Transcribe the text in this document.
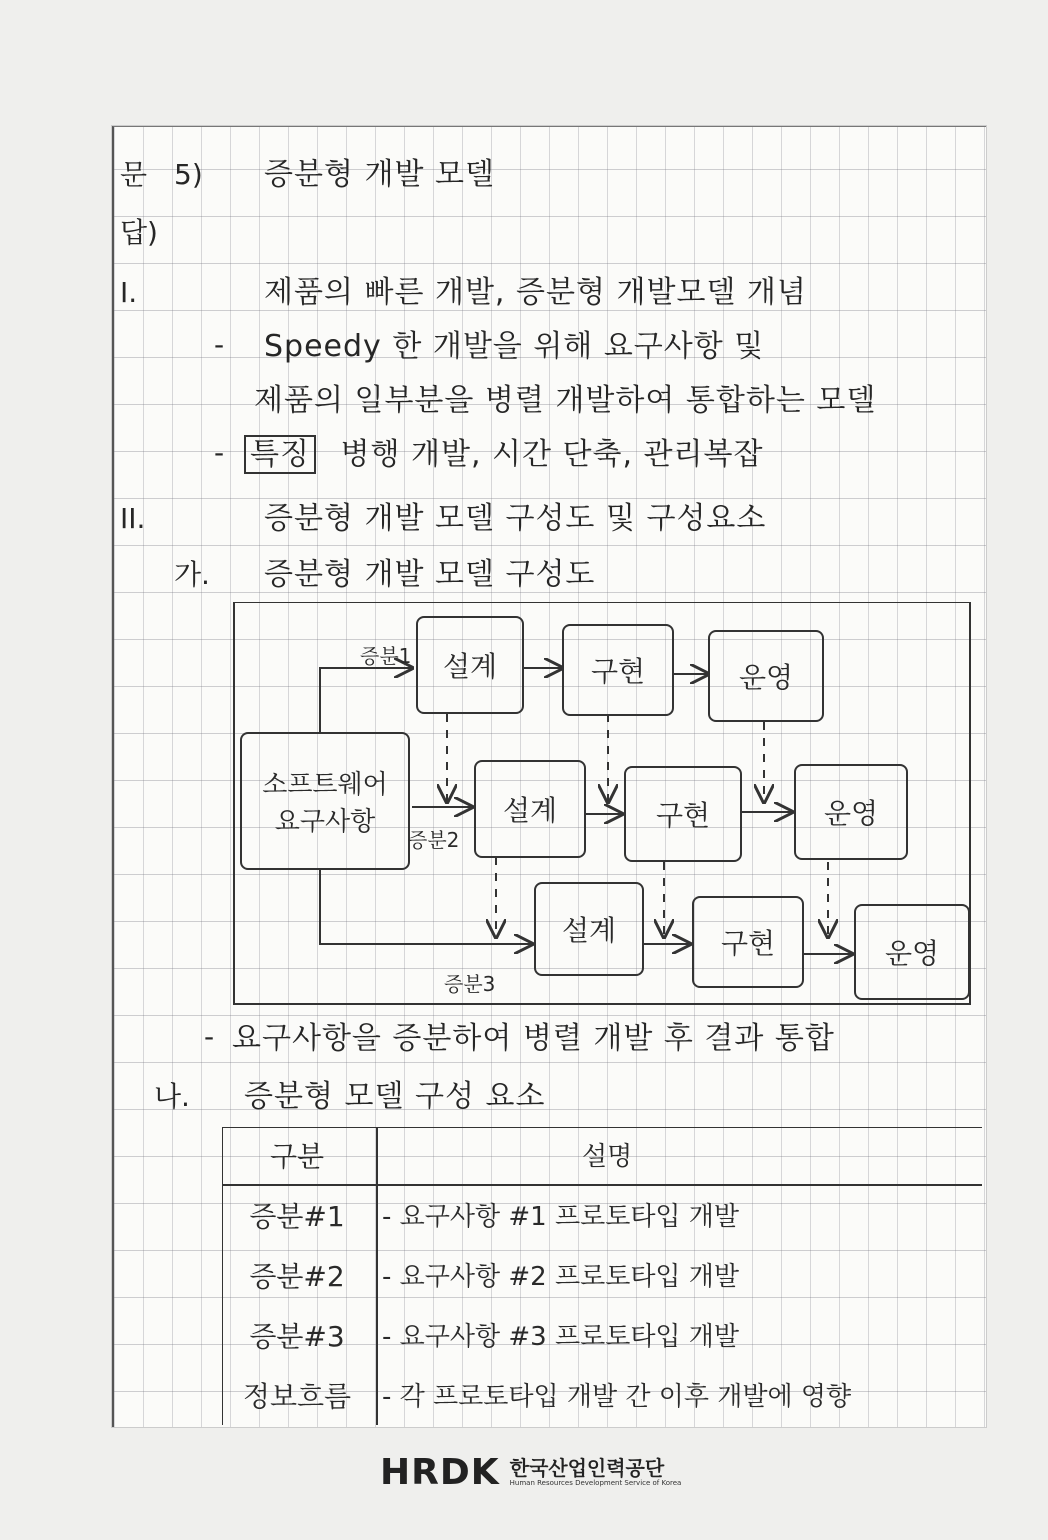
문 5) 증분형 개발 모델
답)
I.	제품의 빠른 개발, 증분형 개발모델 개념
- Speedy 한 개발을 위해 요구사항 및
제품의 일부분을 병렬 개발하여 통합하는 모델
- 특징 병행 개발, 시간 단축, 관리복잡
II.	증분형 개발 모델 구성도 및 구성요소
가. 증분형 개발 모델 구성도
소프트웨어
요구사항
증분1
증분2
증분3
설계	구현	운영
설계	구현	운영
설계	구현	운영
- 요구사항을 증분하여 병렬 개발 후 결과 통합
나. 증분형 모델 구성 요소
구분	설명
증분#1	- 요구사항 #1 프로토타입 개발
증분#2	- 요구사항 #2 프로토타입 개발
증분#3	- 요구사항 #3 프로토타입 개발
정보흐름	- 각 프로토타입 개발 간 이후 개발에 영향
HRDK 한국산업인력공단
Human Resources Development Service of Korea
